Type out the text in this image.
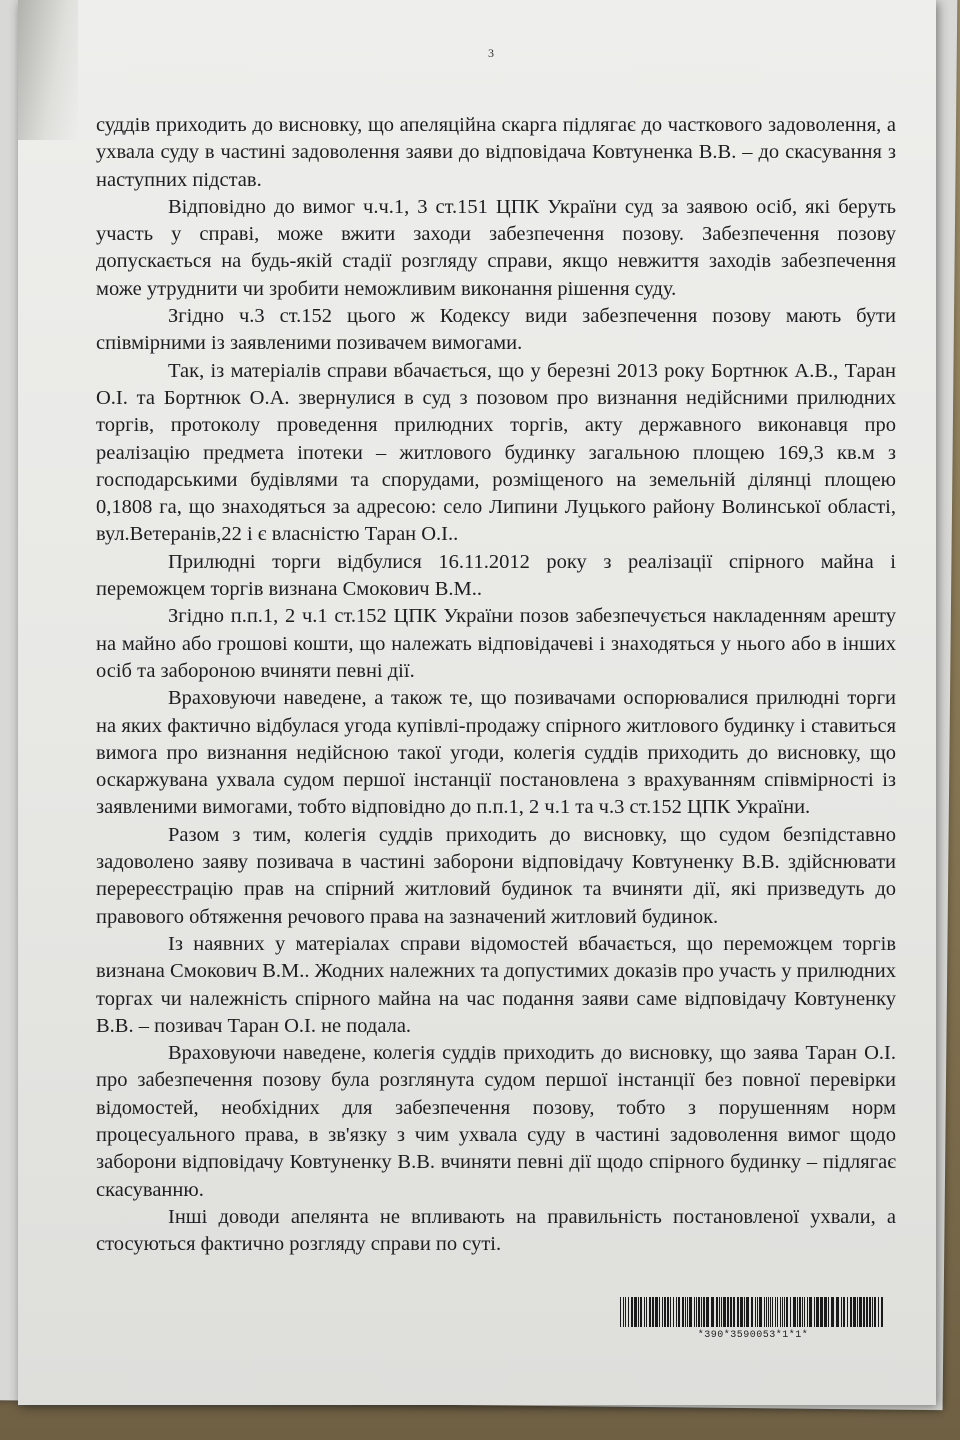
3

суддів приходить до висновку, що апеляційна скарга підлягає до часткового задоволення, а ухвала суду в частині задоволення заяви до відповідача Ковтуненка В.В. – до скасування з наступних підстав.

Відповідно до вимог ч.ч.1, 3 ст.151 ЦПК України суд за заявою осіб, які беруть участь у справі, може вжити заходи забезпечення позову. Забезпечення позову допускається на будь-якій стадії розгляду справи, якщо невжиття заходів забезпечення може утруднити чи зробити неможливим виконання рішення суду.

Згідно ч.3 ст.152 цього ж Кодексу види забезпечення позову мають бути співмірними із заявленими позивачем вимогами.

Так, із матеріалів справи вбачається, що у березні 2013 року Бортнюк А.В., Таран О.І. та Бортнюк О.А. звернулися в суд з позовом про визнання недійсними прилюдних торгів, протоколу проведення прилюдних торгів, акту державного виконавця про реалізацію предмета іпотеки – житлового будинку загальною площею 169,3 кв.м з господарськими будівлями та спорудами, розміщеного на земельній ділянці площею 0,1808 га, що знаходяться за адресою: село Липини Луцького району Волинської області, вул.Ветеранів,22 і є власністю Таран О.І..

Прилюдні торги відбулися 16.11.2012 року з реалізації спірного майна і переможцем торгів визнана Смокович В.М..

Згідно п.п.1, 2 ч.1 ст.152 ЦПК України позов забезпечується накладенням арешту на майно або грошові кошти, що належать відповідачеві і знаходяться у нього або в інших осіб та забороною вчиняти певні дії.

Враховуючи наведене, а також те, що позивачами оспорювалися прилюдні торги на яких фактично відбулася угода купівлі-продажу спірного житлового будинку і ставиться вимога про визнання недійсною такої угоди, колегія суддів приходить до висновку, що оскаржувана ухвала судом першої інстанції постановлена з врахуванням співмірності із заявленими вимогами, тобто відповідно до п.п.1, 2 ч.1 та ч.3 ст.152 ЦПК України.

Разом з тим, колегія суддів приходить до висновку, що судом безпідставно задоволено заяву позивача в частині заборони відповідачу Ковтуненку В.В. здійснювати перереєстрацію прав на спірний житловий будинок та вчиняти дії, які призведуть до правового обтяження речового права на зазначений житловий будинок.

Із наявних у матеріалах справи відомостей вбачається, що переможцем торгів визнана Смокович В.М.. Жодних належних та допустимих доказів про участь у прилюдних торгах чи належність спірного майна на час подання заяви саме відповідачу Ковтуненку В.В. – позивач Таран О.І. не подала.

Враховуючи наведене, колегія суддів приходить до висновку, що заява Таран О.І. про забезпечення позову була розглянута судом першої інстанції без повної перевірки відомостей, необхідних для забезпечення позову, тобто з порушенням норм процесуального права, в зв'язку з чим ухвала суду в частині задоволення вимог щодо заборони відповідачу Ковтуненку В.В. вчиняти певні дії щодо спірного будинку – підлягає скасуванню.

Інші доводи апелянта не впливають на правильність постановленої ухвали, а стосуються фактично розгляду справи по суті.

*390*3590053*1*1*
